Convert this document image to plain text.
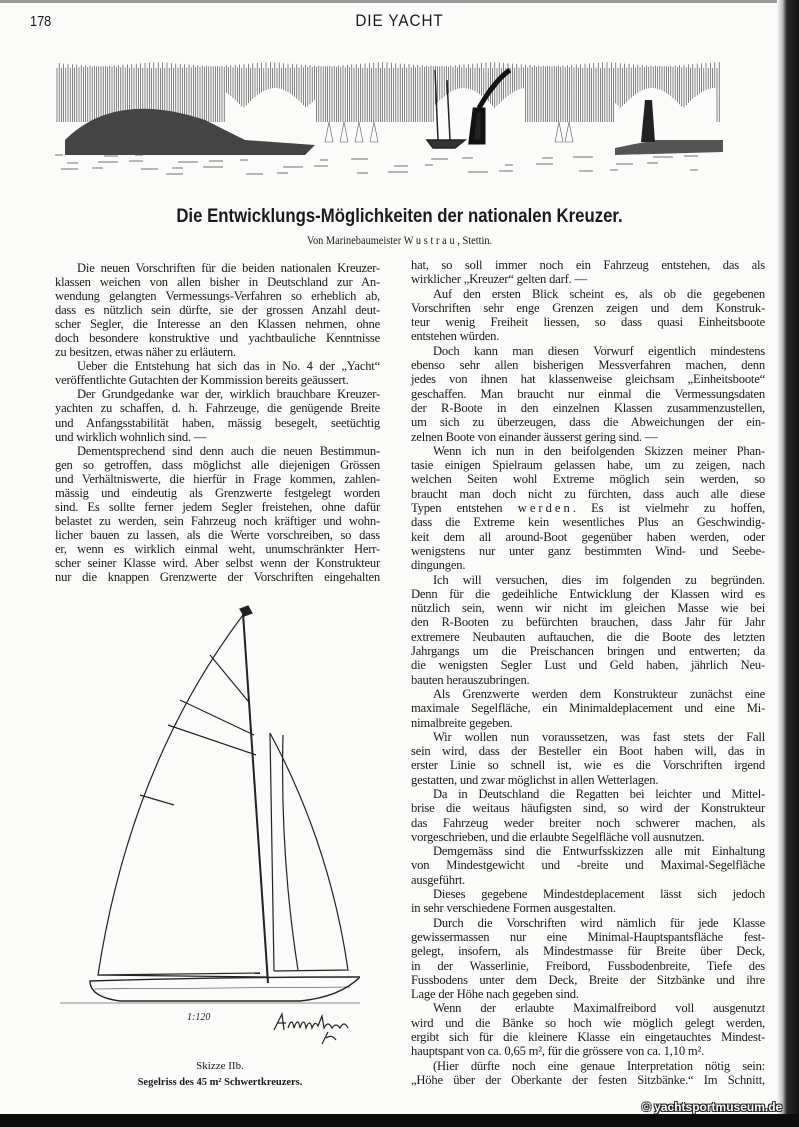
178	DIE YACHT
Die Entwicklungs-Möglichkeiten der nationalen Kreuzer.
Von Marinebaumeister Wustrau, Stettin.
Die neuen Vorschriften für die beiden nationalen Kreuzer-
klassen weichen von allen bisher in Deutschland zur An-
wendung gelangten Vermessungs-Verfahren so erheblich ab,
dass es nützlich sein dürfte, sie der grossen Anzahl deut-
scher Segler, die Interesse an den Klassen nehmen, ohne
doch besondere konstruktive und yachtbauliche Kenntnisse
zu besitzen, etwas näher zu erläutern.
Ueber die Entstehung hat sich das in No. 4 der „Yacht“
veröffentlichte Gutachten der Kommission bereits geäussert.
Der Grundgedanke war der, wirklich brauchbare Kreuzer-
yachten zu schaffen, d. h. Fahrzeuge, die genügende Breite
und Anfangsstabilität haben, mässig besegelt, seetüchtig
und wirklich wohnlich sind. —
Dementsprechend sind denn auch die neuen Bestimmun-
gen so getroffen, dass möglichst alle diejenigen Grössen
und Verhältniswerte, die hierfür in Frage kommen, zahlen-
mässig und eindeutig als Grenzwerte festgelegt worden
sind. Es sollte ferner jedem Segler freistehen, ohne dafür
belastet zu werden, sein Fahrzeug noch kräftiger und wohn-
licher bauen zu lassen, als die Werte vorschreiben, so dass
er, wenn es wirklich einmal weht, unumschränkter Herr-
scher seiner Klasse wird. Aber selbst wenn der Konstrukteur
nur die knappen Grenzwerte der Vorschriften eingehalten
hat, so soll immer noch ein Fahrzeug entstehen, das als
wirklicher „Kreuzer“ gelten darf. —
Auf den ersten Blick scheint es, als ob die gegebenen
Vorschriften sehr enge Grenzen zeigen und dem Konstruk-
teur wenig Freiheit liessen, so dass quasi Einheitsboote
entstehen würden.
Doch kann man diesen Vorwurf eigentlich mindestens
ebenso sehr allen bisherigen Messverfahren machen, denn
jedes von ihnen hat klassenweise gleichsam „Einheitsboote“
geschaffen. Man braucht nur einmal die Vermessungsdaten
der R-Boote in den einzelnen Klassen zusammenzustellen,
um sich zu überzeugen, dass die Abweichungen der ein-
zelnen Boote von einander äusserst gering sind. —
Wenn ich nun in den beifolgenden Skizzen meiner Phan-
tasie einigen Spielraum gelassen habe, um zu zeigen, nach
welchen Seiten wohl Extreme möglich sein werden, so
braucht man doch nicht zu fürchten, dass auch alle diese
Typen entstehen werden. Es ist vielmehr zu hoffen,
dass die Extreme kein wesentliches Plus an Geschwindig-
keit dem all around-Boot gegenüber haben werden, oder
wenigstens nur unter ganz bestimmten Wind- und Seebe-
dingungen.
Ich will versuchen, dies im folgenden zu begründen.
Denn für die gedeihliche Entwicklung der Klassen wird es
nützlich sein, wenn wir nicht im gleichen Masse wie bei
den R-Booten zu befürchten brauchen, dass Jahr für Jahr
extremere Neubauten auftauchen, die die Boote des letzten
Jahrgangs um die Preischancen bringen und entwerten; da
die wenigsten Segler Lust und Geld haben, jährlich Neu-
bauten herauszubringen.
Als Grenzwerte werden dem Konstrukteur zunächst eine
maximale Segelfläche, ein Minimaldeplacement und eine Mi-
nimalbreite gegeben.
Wir wollen nun voraussetzen, was fast stets der Fall
sein wird, dass der Besteller ein Boot haben will, das in
erster Linie so schnell ist, wie es die Vorschriften irgend
gestatten, und zwar möglichst in allen Wetterlagen.
Da in Deutschland die Regatten bei leichter und Mittel-
brise die weitaus häufigsten sind, so wird der Konstrukteur
das Fahrzeug weder breiter noch schwerer machen, als
vorgeschrieben, und die erlaubte Segelfläche voll ausnutzen.
Demgemäss sind die Entwurfsskizzen alle mit Einhaltung
von Mindestgewicht und -breite und Maximal-Segelfläche
ausgeführt.
Dieses gegebene Mindestdeplacement lässt sich jedoch
in sehr verschiedene Formen ausgestalten.
Durch die Vorschriften wird nämlich für jede Klasse
gewissermassen nur eine Minimal-Hauptspantsfläche fest-
gelegt, insofern, als Mindestmasse für Breite über Deck,
in der Wasserlinie, Freibord, Fussbodenbreite, Tiefe des
Fussbodens unter dem Deck, Breite der Sitzbänke und ihre
Lage der Höhe nach gegeben sind.
Wenn der erlaubte Maximalfreibord voll ausgenutzt
wird und die Bänke so hoch wie möglich gelegt werden,
ergibt sich für die kleinere Klasse ein eingetauchtes Mindest-
hauptspant von ca. 0,65 m², für die grössere von ca. 1,10 m².
(Hier dürfte noch eine genaue Interpretation nötig sein:
„Höhe über der Oberkante der festen Sitzbänke.“ Im Schnitt,
1:120
Skizze IIb.
Segelriss des 45 m² Schwertkreuzers.
© yachtsportmuseum.de
